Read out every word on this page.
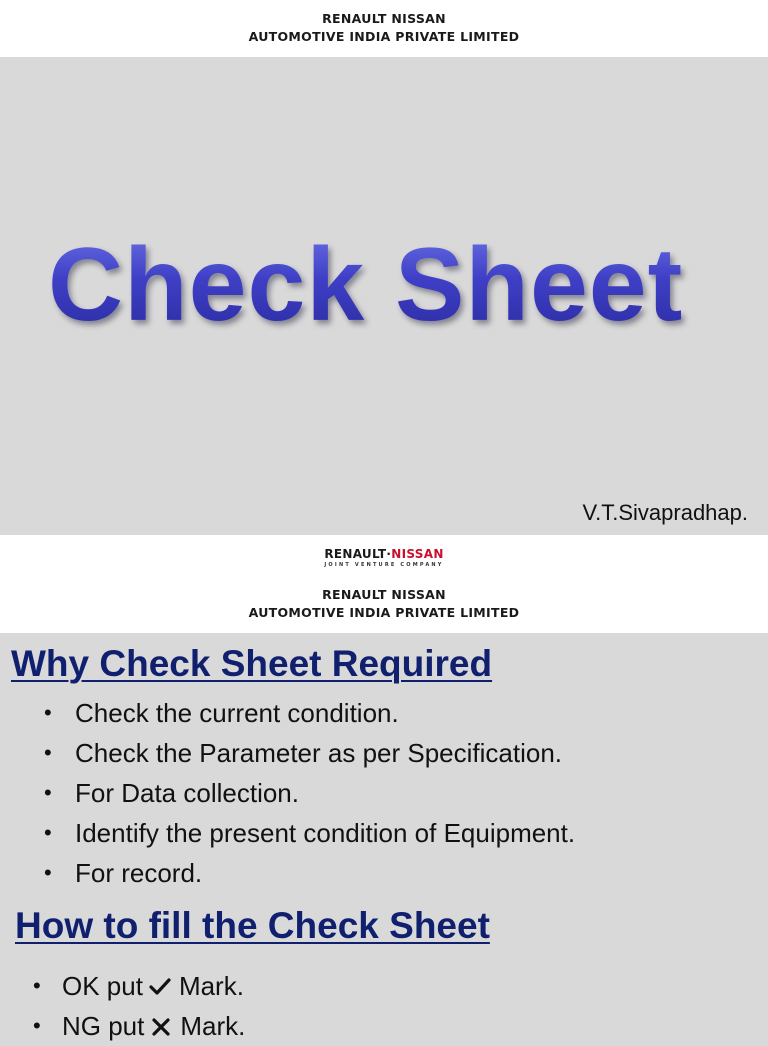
RENAULT NISSAN
AUTOMOTIVE INDIA PRIVATE LIMITED
Check Sheet
V.T.Sivapradhap.
RENAULT·NISSAN
JOINT VENTURE COMPANY
RENAULT NISSAN
AUTOMOTIVE INDIA PRIVATE LIMITED
Why Check Sheet Required
• Check the current condition.
• Check the Parameter as per Specification.
• For Data collection.
• Identify the present condition of Equipment.
• For record.
How to fill the Check Sheet
• OK put Mark.
• NG put Mark.
